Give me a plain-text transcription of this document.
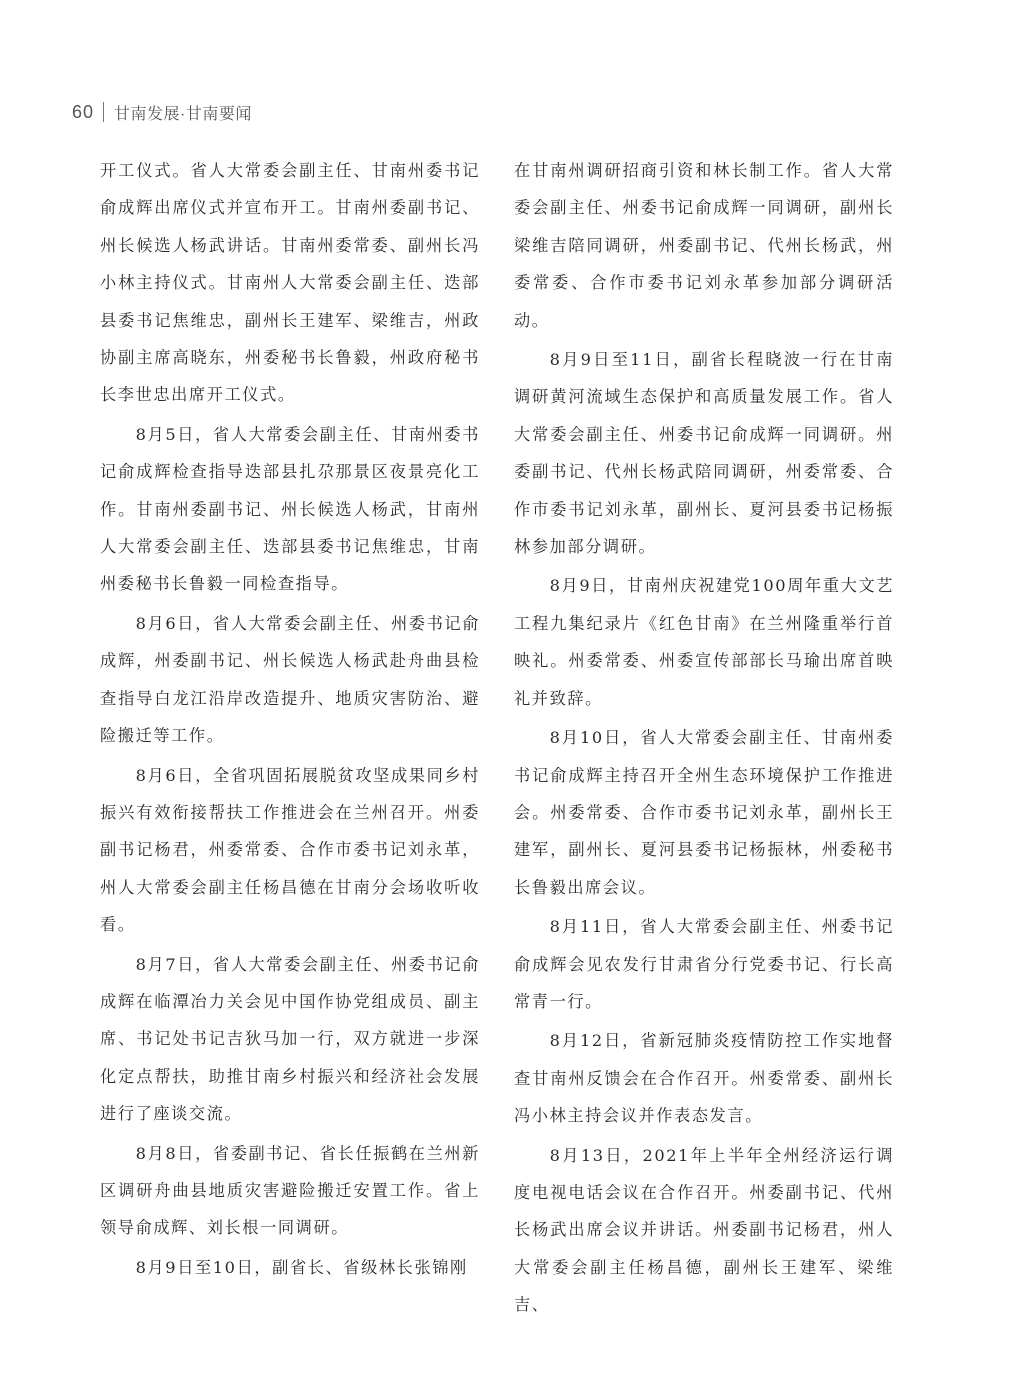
60 甘南发展·甘南要闻

开工仪式。省人大常委会副主任、甘南州委书记俞成辉出席仪式并宣布开工。甘南州委副书记、州长候选人杨武讲话。甘南州委常委、副州长冯小林主持仪式。甘南州人大常委会副主任、迭部县委书记焦维忠，副州长王建军、梁维吉，州政协副主席高晓东，州委秘书长鲁毅，州政府秘书长李世忠出席开工仪式。

8月5日，省人大常委会副主任、甘南州委书记俞成辉检查指导迭部县扎尕那景区夜景亮化工作。甘南州委副书记、州长候选人杨武，甘南州人大常委会副主任、迭部县委书记焦维忠，甘南州委秘书长鲁毅一同检查指导。

8月6日，省人大常委会副主任、州委书记俞成辉，州委副书记、州长候选人杨武赴舟曲县检查指导白龙江沿岸改造提升、地质灾害防治、避险搬迁等工作。

8月6日，全省巩固拓展脱贫攻坚成果同乡村振兴有效衔接帮扶工作推进会在兰州召开。州委副书记杨君，州委常委、合作市委书记刘永革，州人大常委会副主任杨昌德在甘南分会场收听收看。

8月7日，省人大常委会副主任、州委书记俞成辉在临潭冶力关会见中国作协党组成员、副主席、书记处书记吉狄马加一行，双方就进一步深化定点帮扶，助推甘南乡村振兴和经济社会发展进行了座谈交流。

8月8日，省委副书记、省长任振鹤在兰州新区调研舟曲县地质灾害避险搬迁安置工作。省上领导俞成辉、刘长根一同调研。

8月9日至10日，副省长、省级林长张锦刚

在甘南州调研招商引资和林长制工作。省人大常委会副主任、州委书记俞成辉一同调研，副州长梁维吉陪同调研，州委副书记、代州长杨武，州委常委、合作市委书记刘永革参加部分调研活动。

8月9日至11日，副省长程晓波一行在甘南调研黄河流域生态保护和高质量发展工作。省人大常委会副主任、州委书记俞成辉一同调研。州委副书记、代州长杨武陪同调研，州委常委、合作市委书记刘永革，副州长、夏河县委书记杨振林参加部分调研。

8月9日，甘南州庆祝建党100周年重大文艺工程九集纪录片《红色甘南》在兰州隆重举行首映礼。州委常委、州委宣传部部长马瑜出席首映礼并致辞。

8月10日，省人大常委会副主任、甘南州委书记俞成辉主持召开全州生态环境保护工作推进会。州委常委、合作市委书记刘永革，副州长王建军，副州长、夏河县委书记杨振林，州委秘书长鲁毅出席会议。

8月11日，省人大常委会副主任、州委书记俞成辉会见农发行甘肃省分行党委书记、行长高常青一行。

8月12日，省新冠肺炎疫情防控工作实地督查甘南州反馈会在合作召开。州委常委、副州长冯小林主持会议并作表态发言。

8月13日，2021年上半年全州经济运行调度电视电话会议在合作召开。州委副书记、代州长杨武出席会议并讲话。州委副书记杨君，州人大常委会副主任杨昌德，副州长王建军、梁维吉、
